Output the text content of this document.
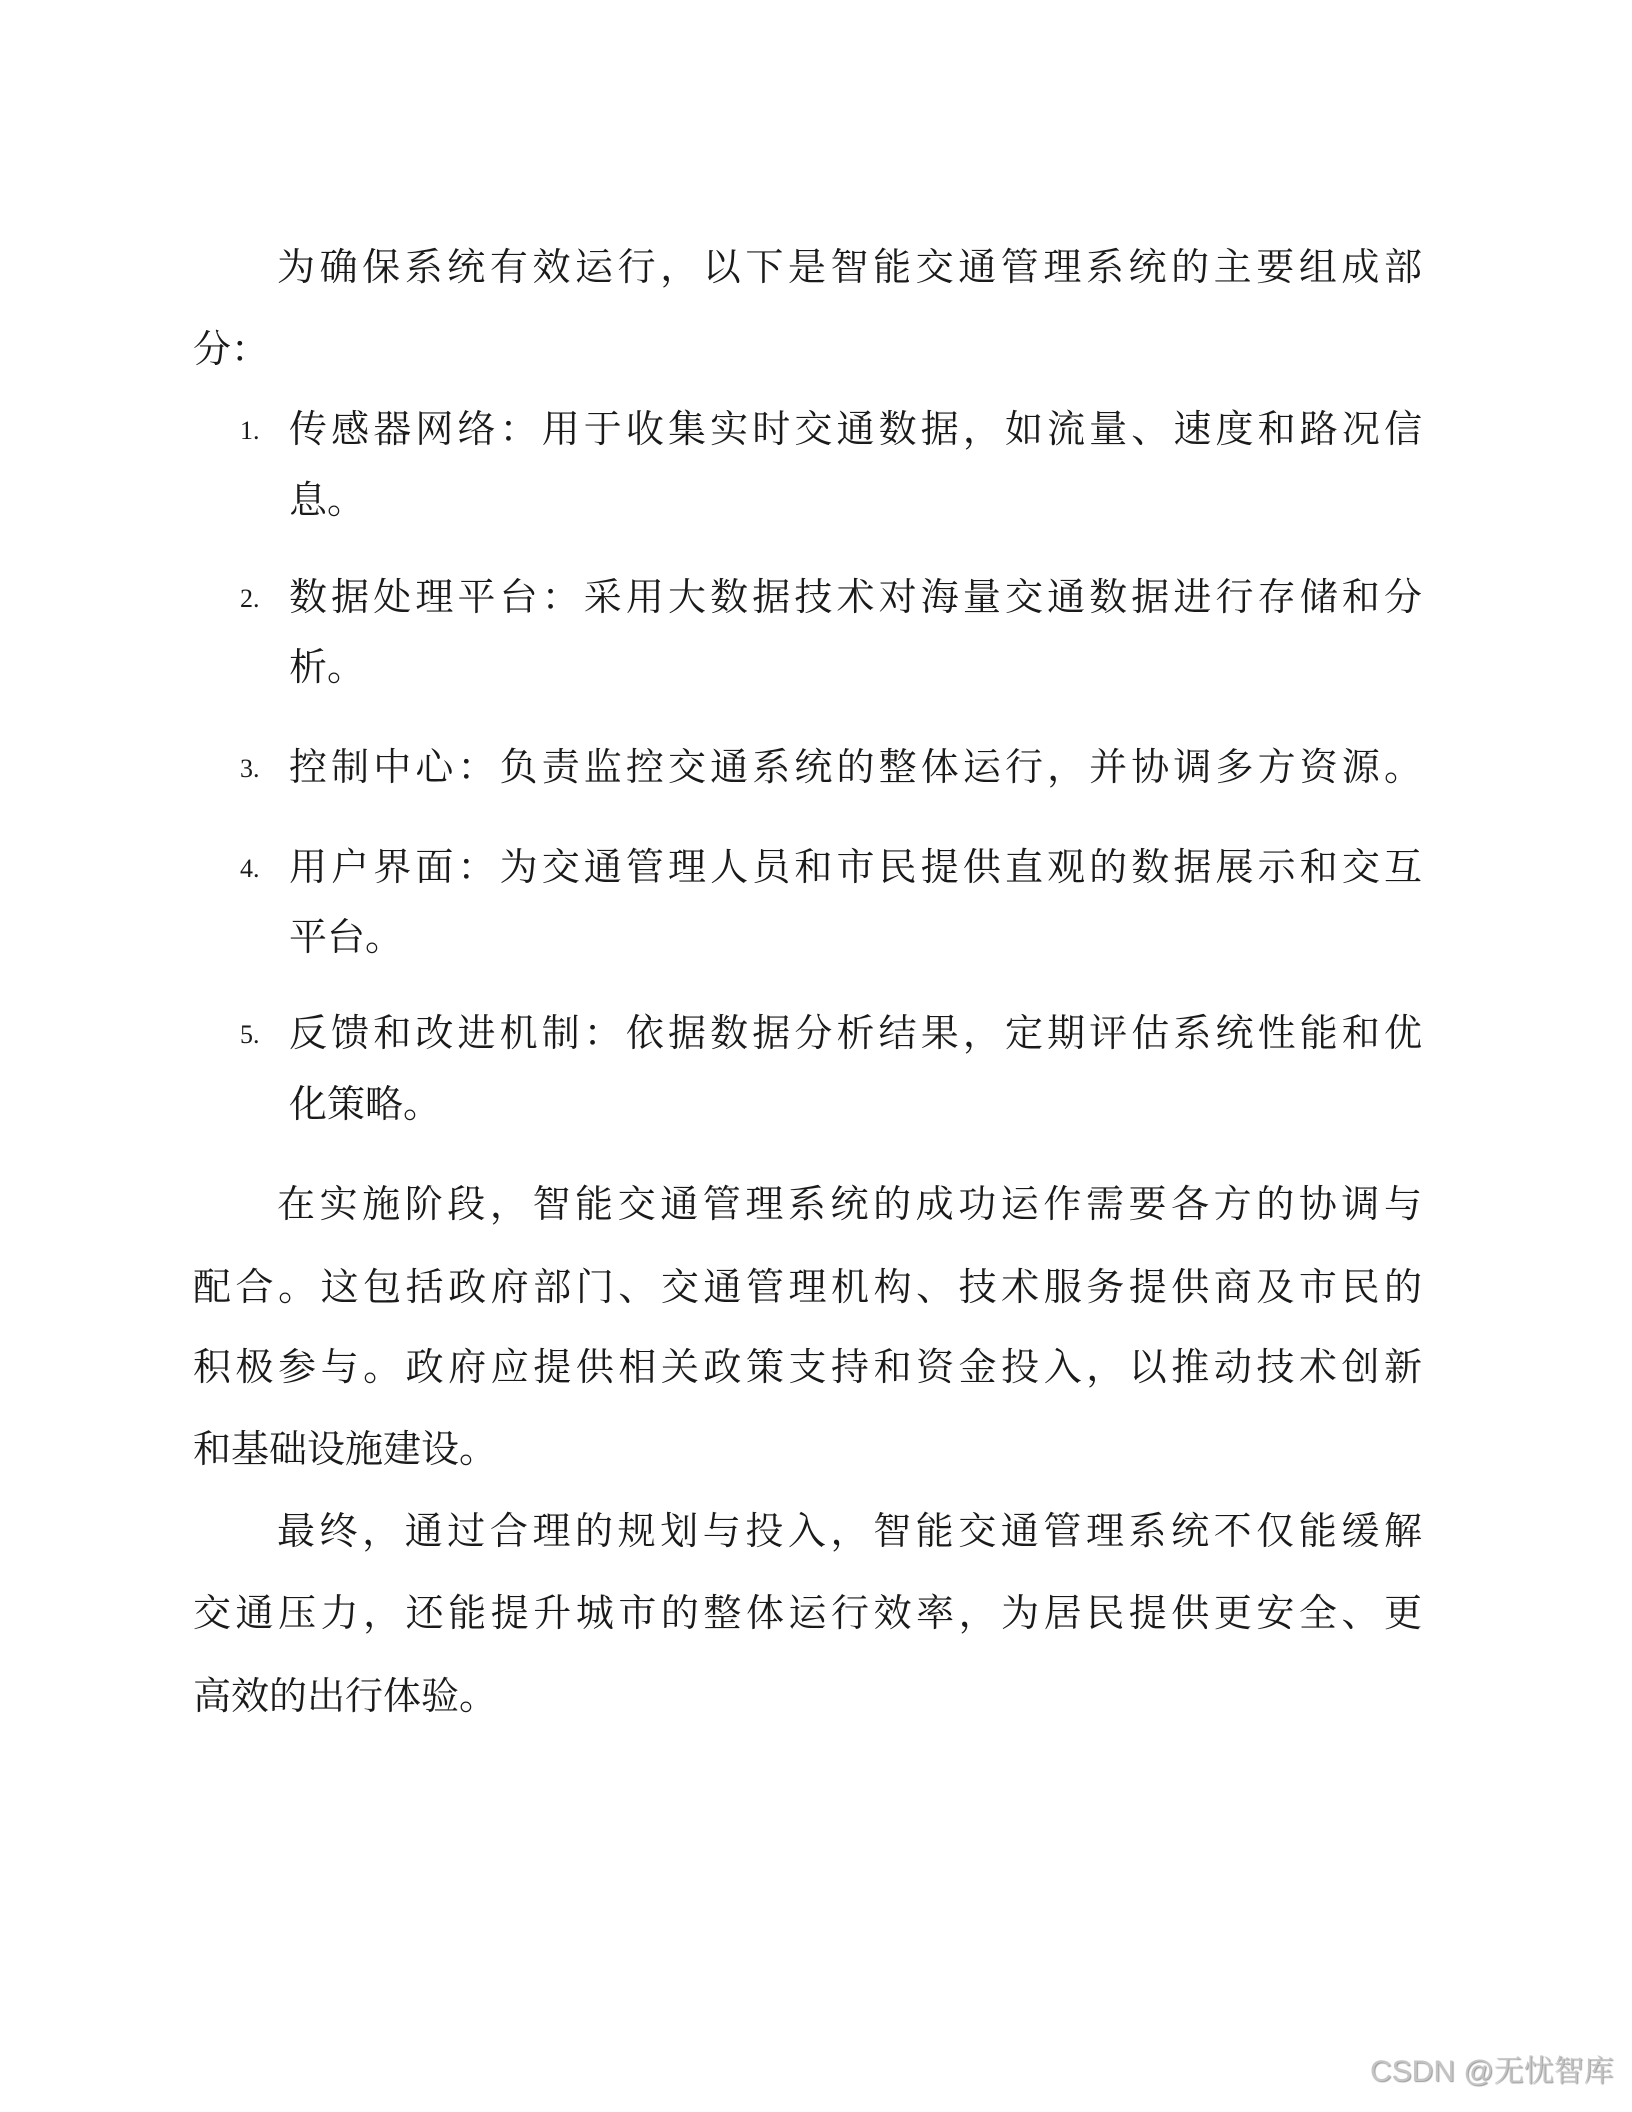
为确保系统有效运行，以下是智能交通管理系统的主要组成部
分：
1. 传感器网络：用于收集实时交通数据，如流量、速度和路况信
息。
2. 数据处理平台：采用大数据技术对海量交通数据进行存储和分
析。
3. 控制中心：负责监控交通系统的整体运行，并协调多方资源。
4. 用户界面：为交通管理人员和市民提供直观的数据展示和交互
平台。
5. 反馈和改进机制：依据数据分析结果，定期评估系统性能和优
化策略。
在实施阶段，智能交通管理系统的成功运作需要各方的协调与
配合。这包括政府部门、交通管理机构、技术服务提供商及市民的
积极参与。政府应提供相关政策支持和资金投入，以推动技术创新
和基础设施建设。
最终，通过合理的规划与投入，智能交通管理系统不仅能缓解
交通压力，还能提升城市的整体运行效率，为居民提供更安全、更
高效的出行体验。
CSDN @无忧智库
